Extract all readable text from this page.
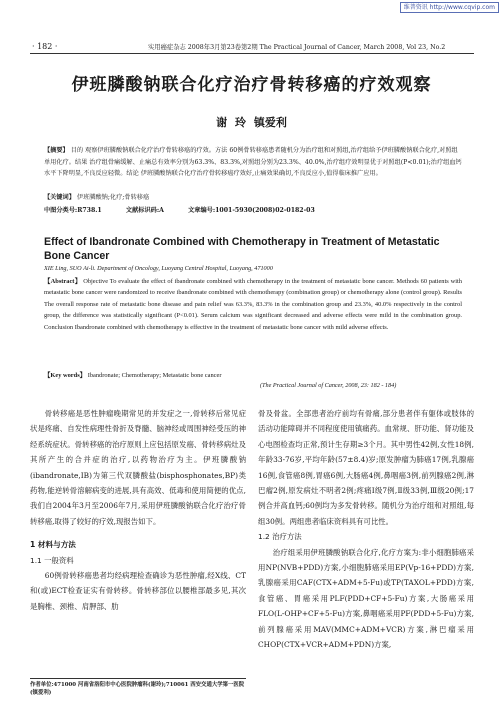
维普资讯 http://www.cqvip.com
· 182 ·	实用癌症杂志 2008年3月第23卷第2期 The Practical Journal of Cancer, March 2008, Vol 23, No.2
伊班膦酸钠联合化疗治疗骨转移癌的疗效观察
谢 玲 镇爱利
【摘要】 目的 观察伊班膦酸钠联合化疗治疗骨转移癌的疗效。方法 60例骨转移癌患者随机分为治疗组和对照组,治疗组给予伊班膦酸钠联合化疗,对照组单用化疗。结果 治疗组骨痛缓解、止痛总有效率分别为63.3%、83.3%,对照组分别为23.3%、40.0%,治疗组疗效明显优于对照组(P<0.01);治疗组血钙水平下降明显,不良反应轻微。结论 伊班膦酸钠联合化疗治疗骨转移癌疗效好,止痛效果确切,不良反应小,值得临床推广应用。
【关键词】 伊班膦酸钠;化疗;骨转移癌
中图分类号:R738.1	文献标识码:A	文章编号:1001-5930(2008)02-0182-03
Effect of Ibandronate Combined with Chemotherapy in Treatment of Metastatic Bone Cancer
XIE Ling, SUO Ai-li. Department of Oncology, Luoyang Central Hospital, Luoyang, 471000
【Abstract】 Objective To evaluate the effect of ibandronate combined with chemotherapy in the treatment of metastatic bone cancer. Methods 60 patients with metastatic bone cancer were randomized to receive ibandronate combined with chemotherapy (combination group) or chemotherapy alone (control group). Results The overall response rate of metastatic bone disease and pain relief was 63.3%, 83.3% in the combination group and 23.3%, 40.0% respectively in the control group, the difference was statistically significant (P<0.01). Serum calcium was significant decreased and adverse effects were mild in the combination group. Conclusion Ibandronate combined with chemotherapy is effective in the treatment of metastatic bone cancer with mild adverse effects.
【Key words】 Ibandronate; Chemotherapy; Metastatic bone cancer
(The Practical Journal of Cancer, 2008, 23: 182 - 184)

骨转移癌是恶性肿瘤晚期常见的并发症之一,骨转移后常见症状是疼痛、自发性病理性骨折及脊髓、脑神经或周围神经受压的神经系统症状。骨转移癌的治疗原则上应包括原发癌、骨转移病灶及其所产生的合并症的治疗,以药物治疗为主。伊班膦酸钠(ibandronate,IB)为第三代双膦酸盐(bisphosphonates,BP)类药物,能逆转骨溶解病变的进展,具有高效、低毒和使用简便的优点,我们自2004年3月至2006年7月,采用伊班膦酸钠联合化疗治疗骨转移癌,取得了较好的疗效,现报告如下。

1 材料与方法
1.1 一般资料

60例骨转移癌患者均经病理检查确诊为恶性肿瘤,经X线、CT和(或)ECT检查证实有骨转移。骨转移部位以腰椎部最多见,其次是胸椎、颈椎、肩胛部、肋

骨及骨盆。全部患者治疗前均有骨痛,部分患者伴有躯体或肢体的活动功能障碍并不同程度使用镇痛药。血常规、肝功能、肾功能及心电图检查均正常,预计生存期≥3个月。其中男性42例,女性18例,年龄33-76岁,平均年龄(57±8.4)岁;原发肿瘤为肺癌17例,乳腺癌16例,食管癌8例,胃癌6例,大肠癌4例,鼻咽癌3例,前列腺癌2例,淋巴瘤2例,原发病灶不明者2例;疼痛Ⅰ级7例,Ⅱ级33例,Ⅲ级20例;17例合并高血钙;60例均为多发骨转移。随机分为治疗组和对照组,每组30例。两组患者临床资料具有可比性。

1.2 治疗方法

治疗组采用伊班膦酸钠联合化疗,化疗方案为:非小细胞肺癌采用NP(NVB+PDD)方案,小细胞肺癌采用EP(Vp-16+PDD)方案,乳腺癌采用CAF(CTX+ADM+5-Fu)或TP(TAXOL+PDD)方案,食管癌、胃癌采用PLF(PDD+CF+5-Fu)方案,大肠癌采用FLO(L-OHP+CF+5-Fu)方案,鼻咽癌采用PF(PDD+5-Fu)方案,前列腺癌采用MAV(MMC+ADM+VCR)方案,淋巴瘤采用CHOP(CTX+VCR+ADM+PDN)方案,

作者单位:471000 河南省洛阳市中心医院肿瘤科(谢玲);710061 西安交通大学第一医院(镇爱利)
